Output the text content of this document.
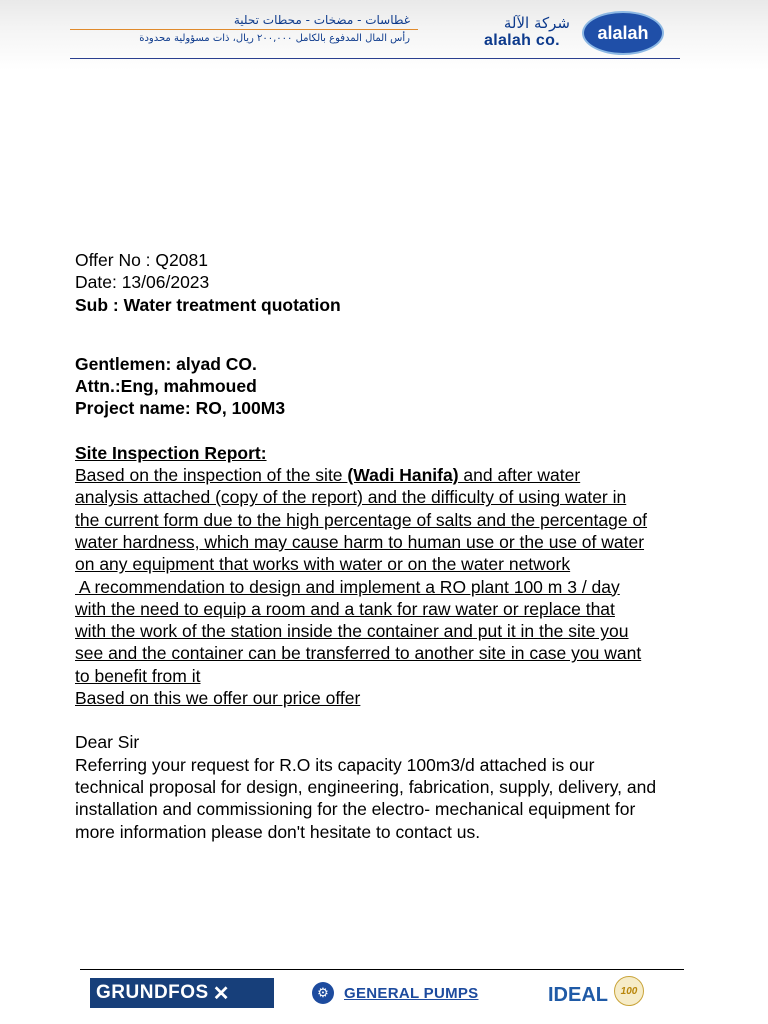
غطاسات - مضخات - محطات تحلية
رأس المال المدفوع بالكامل ٢٠٠,٠٠٠ ريال، ذات مسؤولية محدودة
شركة الآلة
alalah co.	alalah

Offer No : Q2081

Date: 13/06/2023

Sub : Water treatment quotation

Gentlemen: alyad CO.

Attn.:Eng, mahmoued

Project name: RO, 100M3

Site Inspection Report:

Based on the inspection of the site (Wadi Hanifa) and after water

analysis attached (copy of the report) and the difficulty of using water in

the current form due to the high percentage of salts and the percentage of

water hardness, which may cause harm to human use or the use of water

on any equipment that works with water or on the water network

A recommendation to design and implement a RO plant 100 m 3 / day

with the need to equip a room and a tank for raw water or replace that

with the work of the station inside the container and put it in the site you

see and the container can be transferred to another site in case you want

to benefit from it

Based on this we offer our price offer

Dear Sir

Referring your request for R.O its capacity 100m3/d attached is our

technical proposal for design, engineering, fabrication, supply, delivery, and

installation and commissioning for the electro- mechanical equipment for

more information please don't hesitate to contact us.

GRUNDFOS ✕	⚙	GENERAL PUMPS	IDEAL	100
